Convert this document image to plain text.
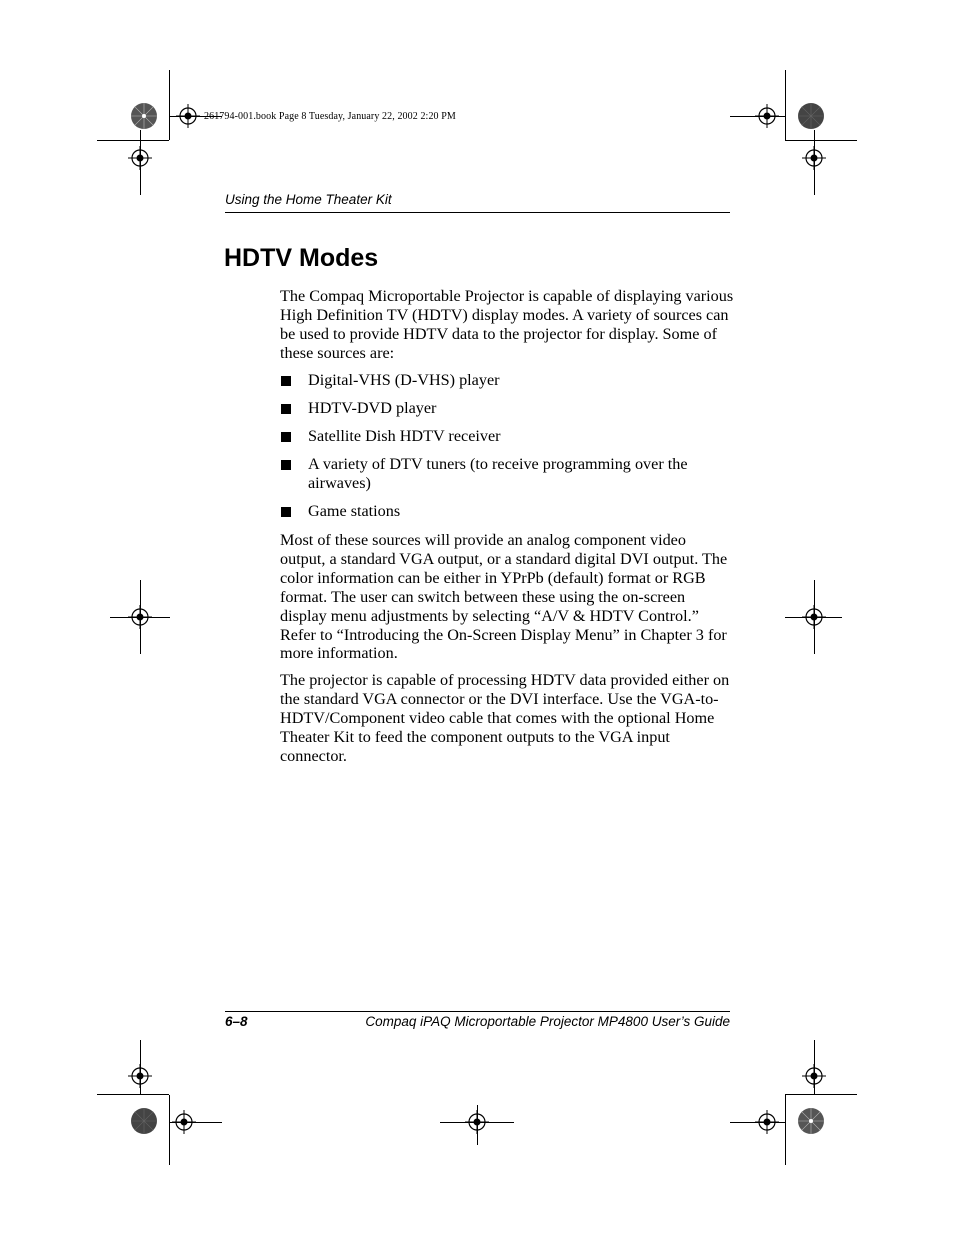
261794-001.book Page 8 Tuesday, January 22, 2002 2:20 PM
Using the Home Theater Kit
HDTV Modes

The Compaq Microportable Projector is capable of displaying various High Definition TV (HDTV) display modes. A variety of sources can be used to provide HDTV data to the projector for display. Some of these sources are:

Digital-VHS (D-VHS) player
HDTV-DVD player
Satellite Dish HDTV receiver
A variety of DTV tuners (to receive programming over the airwaves)
Game stations

Most of these sources will provide an analog component video output, a standard VGA output, or a standard digital DVI output. The color information can be either in YPrPb (default) format or RGB format. The user can switch between these using the on-screen display menu adjustments by selecting “A/V & HDTV Control.” Refer to “Introducing the On-Screen Display Menu” in Chapter 3 for more information.

The projector is capable of processing HDTV data provided either on the standard VGA connector or the DVI interface. Use the VGA-to-HDTV/Component video cable that comes with the optional Home Theater Kit to feed the component outputs to the VGA input connector.

6–8	Compaq iPAQ Microportable Projector MP4800 User’s Guide
